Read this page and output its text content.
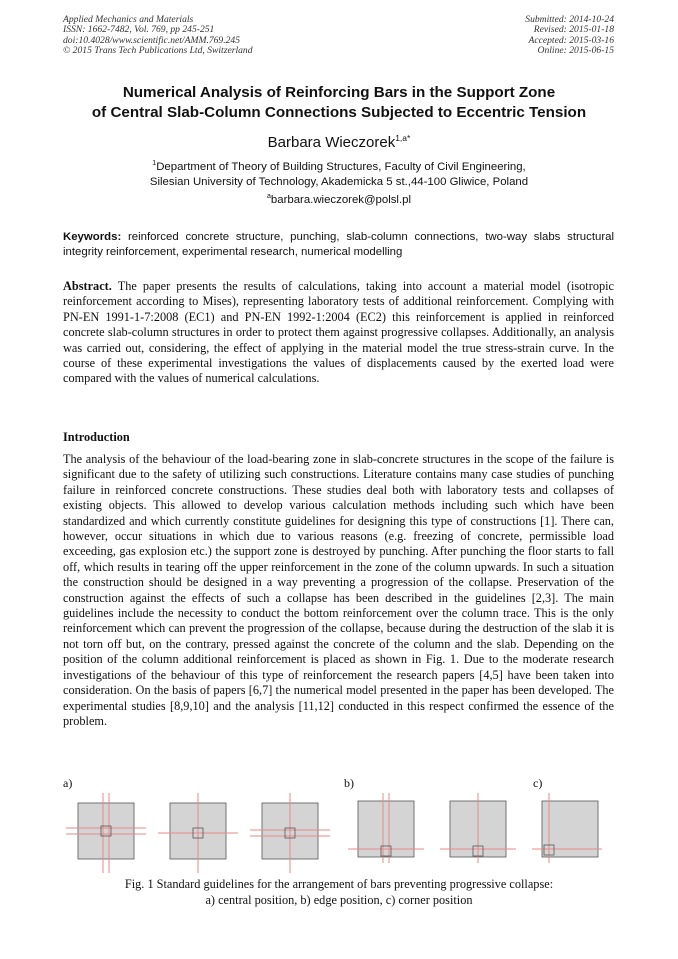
Applied Mechanics and Materials
ISSN: 1662-7482, Vol. 769, pp 245-251
doi:10.4028/www.scientific.net/AMM.769.245
© 2015 Trans Tech Publications Ltd, Switzerland
Submitted: 2014-10-24
Revised: 2015-01-18
Accepted: 2015-03-16
Online: 2015-06-15
Numerical Analysis of Reinforcing Bars in the Support Zone
of Central Slab-Column Connections Subjected to Eccentric Tension
Barbara Wieczorek$^{1,a*}$
$^1$Department of Theory of Building Structures, Faculty of Civil Engineering,
Silesian University of Technology, Akademicka 5 st.,44-100 Gliwice, Poland
$^a$barbara.wieczorek@polsl.pl
Keywords: reinforced concrete structure, punching, slab-column connections, two-way slabs structural integrity reinforcement, experimental research, numerical modelling
Abstract. The paper presents the results of calculations, taking into account a material model (isotropic reinforcement according to Mises), representing laboratory tests of additional reinforcement. Complying with PN-EN 1991-1-7:2008 (EC1) and PN-EN 1992-1:2004 (EC2) this reinforcement is applied in reinforced concrete slab-column structures in order to protect them against progressive collapses. Additionally, an analysis was carried out, considering, the effect of applying in the material model the true stress-strain curve. In the course of these experimental investigations the values of displacements caused by the exerted load were compared with the values of numerical calculations.
Introduction
The analysis of the behaviour of the load-bearing zone in slab-concrete structures in the scope of the failure is significant due to the safety of utilizing such constructions. Literature contains many case studies of punching failure in reinforced concrete constructions. These studies deal both with laboratory tests and collapses of existing objects. This allowed to develop various calculation methods including such which have been standardized and which currently constitute guidelines for designing this type of constructions [1]. There can, however, occur situations in which due to various reasons (e.g. freezing of concrete, permissible load exceeding, gas explosion etc.) the support zone is destroyed by punching. After punching the floor starts to fall off, which results in tearing off the upper reinforcement in the zone of the column upwards. In such a situation the construction should be designed in a way preventing a progression of the collapse. Preservation of the construction against the effects of such a collapse has been described in the guidelines [2,3]. The main guidelines include the necessity to conduct the bottom reinforcement over the column trace. This is the only reinforcement which can prevent the progression of the collapse, because during the destruction of the slab it is not torn off but, on the contrary, pressed against the concrete of the column and the slab. Depending on the position of the column additional reinforcement is placed as shown in Fig. 1. Due to the moderate research investigations of the behaviour of this type of reinforcement the research papers [4,5] have been taken into consideration. On the basis of papers [6,7] the numerical model presented in the paper has been developed. The experimental studies [8,9,10] and the analysis [11,12] conducted in this respect confirmed the essence of the problem.
a)	b)	c)
Fig. 1 Standard guidelines for the arrangement of bars preventing progressive collapse:
a) central position, b) edge position, c) corner position
